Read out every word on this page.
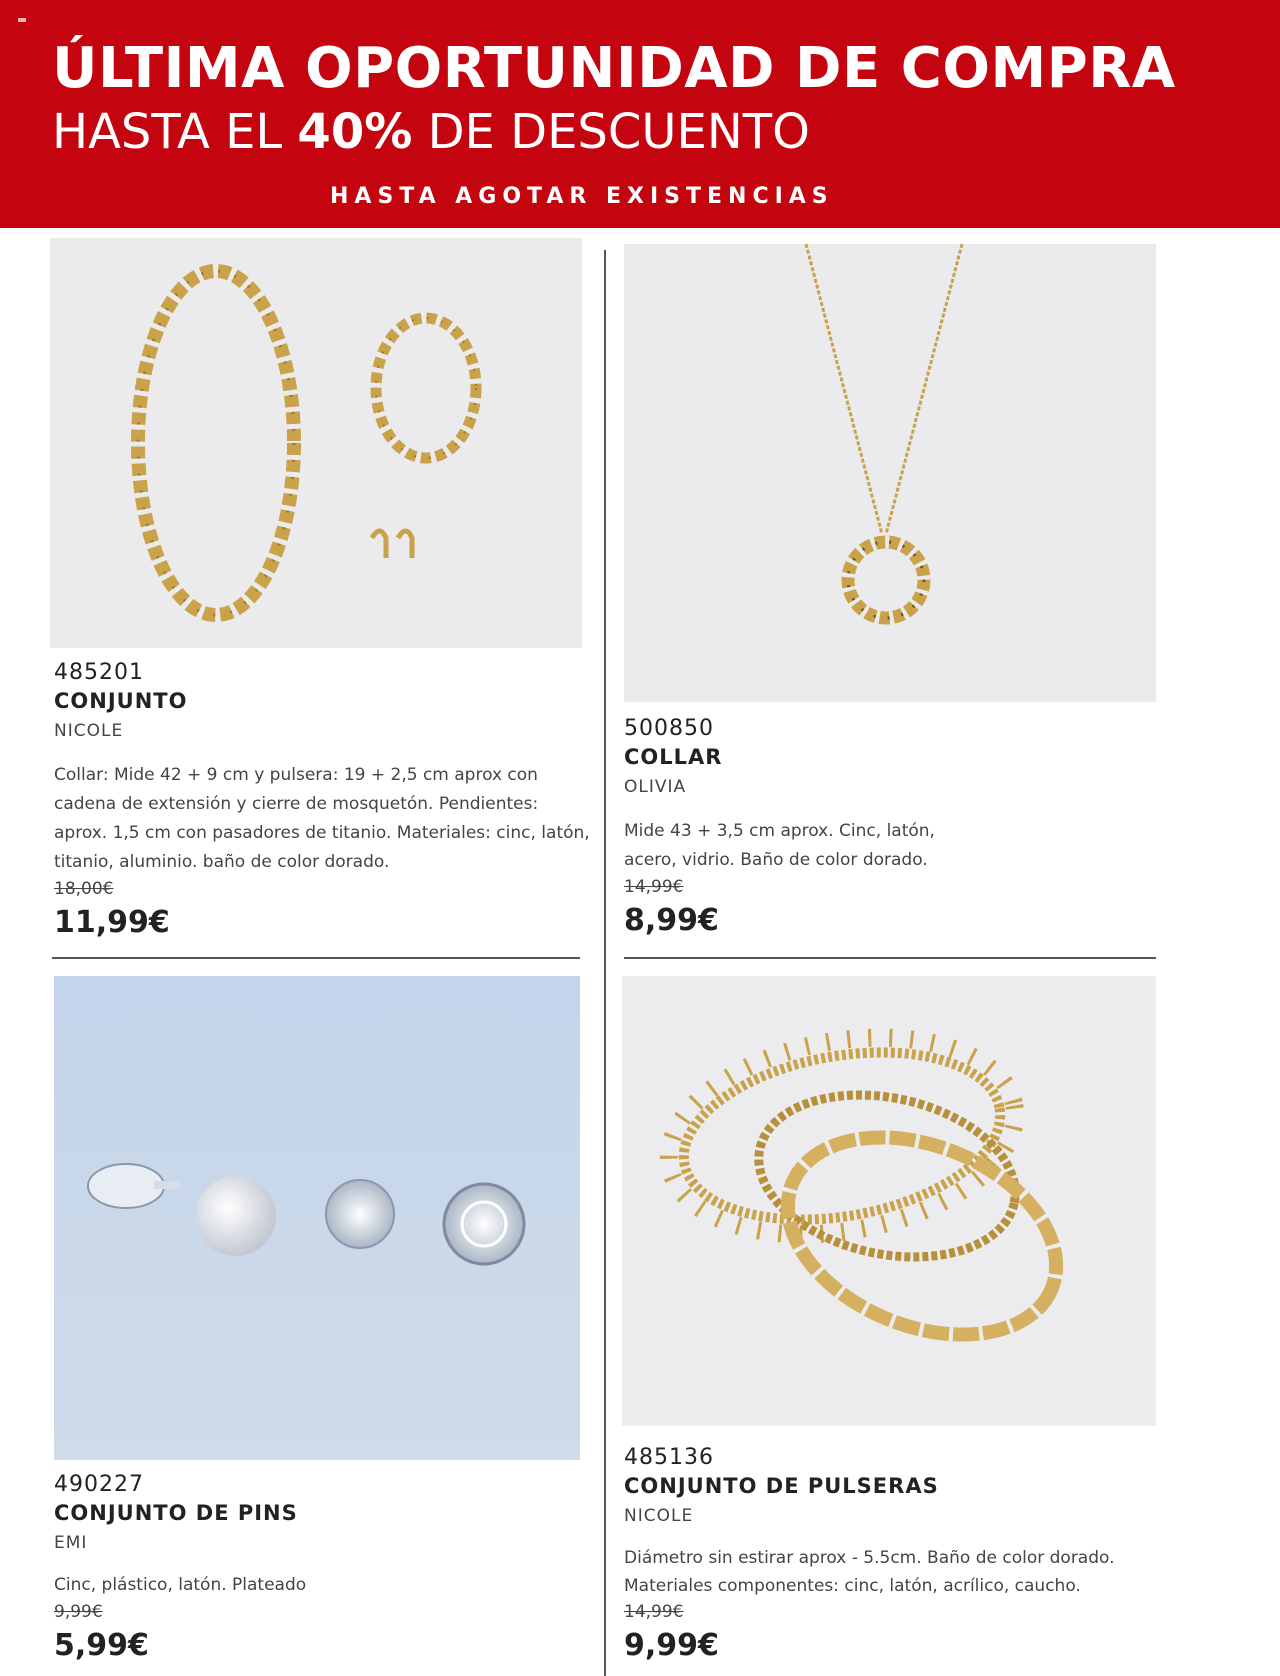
ÚLTIMA OPORTUNIDAD DE COMPRA
HASTA EL 40% DE DESCUENTO
HASTA AGOTAR EXISTENCIAS
485201
CONJUNTO
NICOLE
Collar: Mide 42 + 9 cm y pulsera: 19 + 2,5 cm aprox con cadena de extensión y cierre de mosquetón. Pendientes: aprox. 1,5 cm con pasadores de titanio. Materiales: cinc, latón, titanio, aluminio. baño de color dorado.
18,00€
11,99€
500850
COLLAR
OLIVIA
Mide 43 + 3,5 cm aprox. Cinc, latón, acero, vidrio. Baño de color dorado.
14,99€
8,99€
490227
CONJUNTO DE PINS
EMI
Cinc, plástico, latón. Plateado
9,99€
5,99€
485136
CONJUNTO DE PULSERAS
NICOLE
Diámetro sin estirar aprox - 5.5cm. Baño de color dorado. Materiales componentes: cinc, latón, acrílico, caucho.
14,99€
9,99€
